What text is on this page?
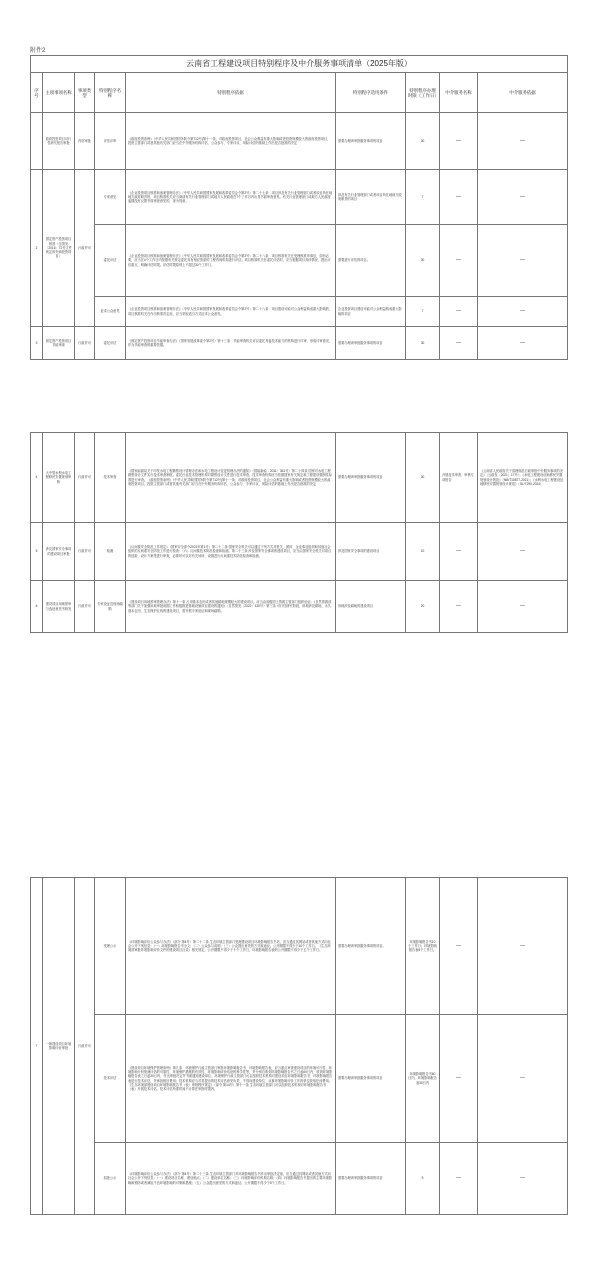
附件2
云南省工程建设项目特别程序及中介服务事项清单（2025年版）								
序号	主项事项名称	事项类型	特别程序名称	特别程序依据	特别程序适用条件	特别程序办理时限（工作日）	中介服务名称	中介服务依据
	政府投资项目可行性研究报告审批	内部审批	评估评审	《政府投资条例》（中华人民共和国国务院令第712号)第十一条，对政府投资项目，社会公众利益有重大影响或者投资规模较大的政府投资项目，投资主管部门或者其他有关部门应当在中介服务机构评估、公众参与、专家评议、风险评估的基础上作出是否批准的决定	需要办理该审批服务事项的项目	30	—	—
2	国定资产投资项目核准（含国发〔2016〕72号文件规定的外商投资项目）	行政许可	专家意见	《企业投资项目核准和备案管理办法》（中华人民共和国国家发展和改革委员会令第2号）第二十七条　项目涉及有关行业管理部门或者项目所在地地方政府职责的，项目核准机关应当商请有关行业管理部门或地方人民政府在7个工作日内出具书面审查意见。有关行业管理部门或地方人民政府逾期没有反馈书面审查意见的，视为同意。	涉及有关行业管理部门或者项目所在地地方政府职责的项目	7	—	—
			委托评估	《企业投资项目核准和备案管理办法》（中华人民共和国国家发展和改革委员会令第2号）第二十八条　项目核准机关在受理核准申请后，如有必要，应当在4个工作日内按照有关规定委托具有相应资质的工程咨询机构进行评估。项目核准机关在委托评估时，应当根据项目具体情况，提出评估重点，明确评估时限。评估时限原则上不超过30个工作日。	需要进行评估的项目。	30	—	—
			征求公众意见	《企业投资项目核准和备案管理办法》（中华人民共和国国家发展和改革委员会令第2号）第二十八条　项目建设可能对公众利益构成重大影响的，项目核准机关在作出核准决定前，应当采取适当方式征求公众意见。	企业投资项目建设可能对公众利益构成重大影响的项目	7	—	—
3	固定资产投资项目节能审查	行政许可	委托评估	《固定资产投资项目节能审查办法》（国家发展改革委令第2号）第十三条　节能审查机关可以委托具备技术能力的机构进行评审，形成评审意见，作为节能审查的重要依据。	需要办理该审批服务事项的项目	30	—	—
4	大中型水利水电工程移民安置规划审核	行政许可	技术审查	《国家能源局关于印发水电工程勘察设计管理办法和水电工程设计变更管理办法的通知》（国能新能〔2011〕361号）第二十四条 国家对水电工程勘察设计文件实行技术审查制度。委托行业技术管理机构对勘察设计文件进行技术审查。技术审查机构应当依据国家有关规定和工程建设强制性标准进行审查。《政府投资条例》（中华人民共和国国务院令第712号)第十一条，对政府投资项目，社会公众利益有重大影响或者投资规模较大的政府投资项目，投资主管部门或者其他有关部门应当在中介服务机构评估、公众参与、专家评议、风险评估的基础上作出是否批准的决定	需要办理该审批服务事项的项目	30	开展技术审查、审核专项报告	《云南省人民政府关于清理规范行政审批中介服务事项的决定》（云政发〔2021〕17号）；《水电工程建设征地移民安置规划设计规范》（NB/T10877-2021）；《水利水电工程建设征地移民安置规划设计规范》（SL/T290-2024）
5	涉及国家安全事项的建设项目审批	行政许可	检测	《反间谍安全防范工作规定》（国家安全部令2021年第1号）第二十二条 国家安全机关可以通过下列方式对机关、团体、企业事业组织和其他社会组织的反间谍安全防范工作进行检查：（六）反间谍技术防范检查和检测。第二十三条 涉及国家安全事项的建设项目，应当由国家安全机关对项目的选址、设计方案等进行审查，必要时可以对有关场所、设施进行反间谍技术防范检查和检测。	涉及国家安全事项的建设项目	10	—	—
6	建设项目用地预审与选址意见书核发	行政许可	专家论证及现场踏勘	《建设项目用地预审管理办法》第十一条 占用基本农田或者其他耕地规模较大的建设项目，应当由省级国土资源主管部门组织论证；《自然资源部等部门关于加强用地审批前期工作积极推进基础设施项目建设的通知》（自然资发〔2022〕130号）第三条 可行性研究阶段，用地涉及耕地、永久基本农田、生态保护红线的建设项目，需开展专家论证和现场踏勘。	用地涉及耕地的建设项目	20	—	—
7	一般建设项目环境影响评价审批	行政许可	受理公示	《环境影响评价公众参与办法》（部令 第4号）第二十二条 生态环境主管部门受理建设项目环境影响报告书后，应当通过其网站或者其他方式向社会公开下列信息：（一）环境影响报告书全文；（二）公众参与说明；（三）公众提出意见的方式和途径。公开期限不得少于10个工作日。《生态环境部审批环境影响评价文件的建设项目目录》相关规定，公开期限不得少于十个工作日，环境影响报告表的公开期限不得少于五个工作日。	需要办理该审批服务事项的项目。	环境影响报告书10个工作日；环境影响报告表5个工作日。	—	—
			技术评估	《建设项目环境保护管理条例》第九条　环境保护行政主管部门审批环境影响报告书、环境影响报告表，应当重点审查建设项目的环境可行性、环境影响分析预测评估的可靠性、环境保护措施的有效性、环境影响评价结论的科学性等，并分别自收到环境影响报告书之日起60日内、收到环境影响报告表之日起30日内，作出审批决定并书面通知建设单位。环境保护行政主管部门可以组织技术机构对建设项目环境影响报告书、环境影响报告表进行技术评估，并承担相应费用；技术机构应当对其提出的技术评估意见负责，不得向建设单位、从事环境影响评价工作的单位收取任何费用。《生态环境部建设项目环境影响报告书（表）审批程序规定》（部令 第14号）第十一条 生态环境主管部门可以组织技术机构对环境影响报告书（表）开展技术评估。技术评估所需时间不计算在审批时限内。	需要办理该审批服务事项的项目	环境影响报告书60日内，环境影响报告表30日内	—	—
			拟批公示	《环境影响评价公众参与办法》（部令 第4号）第二十三条 生态环境主管部门对环境影响报告书作出审批决定前，应当通过其网站或者其他方式向社会公开下列信息：（一）建设项目名称、建设地点；（二）建设单位名称；（三）环境影响评价机构名称；（四）环境影响报告书提出的主要环境影响和预防或者减轻不良环境影响的对策和措施；（五）公众提出意见的方式和途径。公开期限不得少于5个工作日。	需要办理该审批服务事项的项目	5	—	—
